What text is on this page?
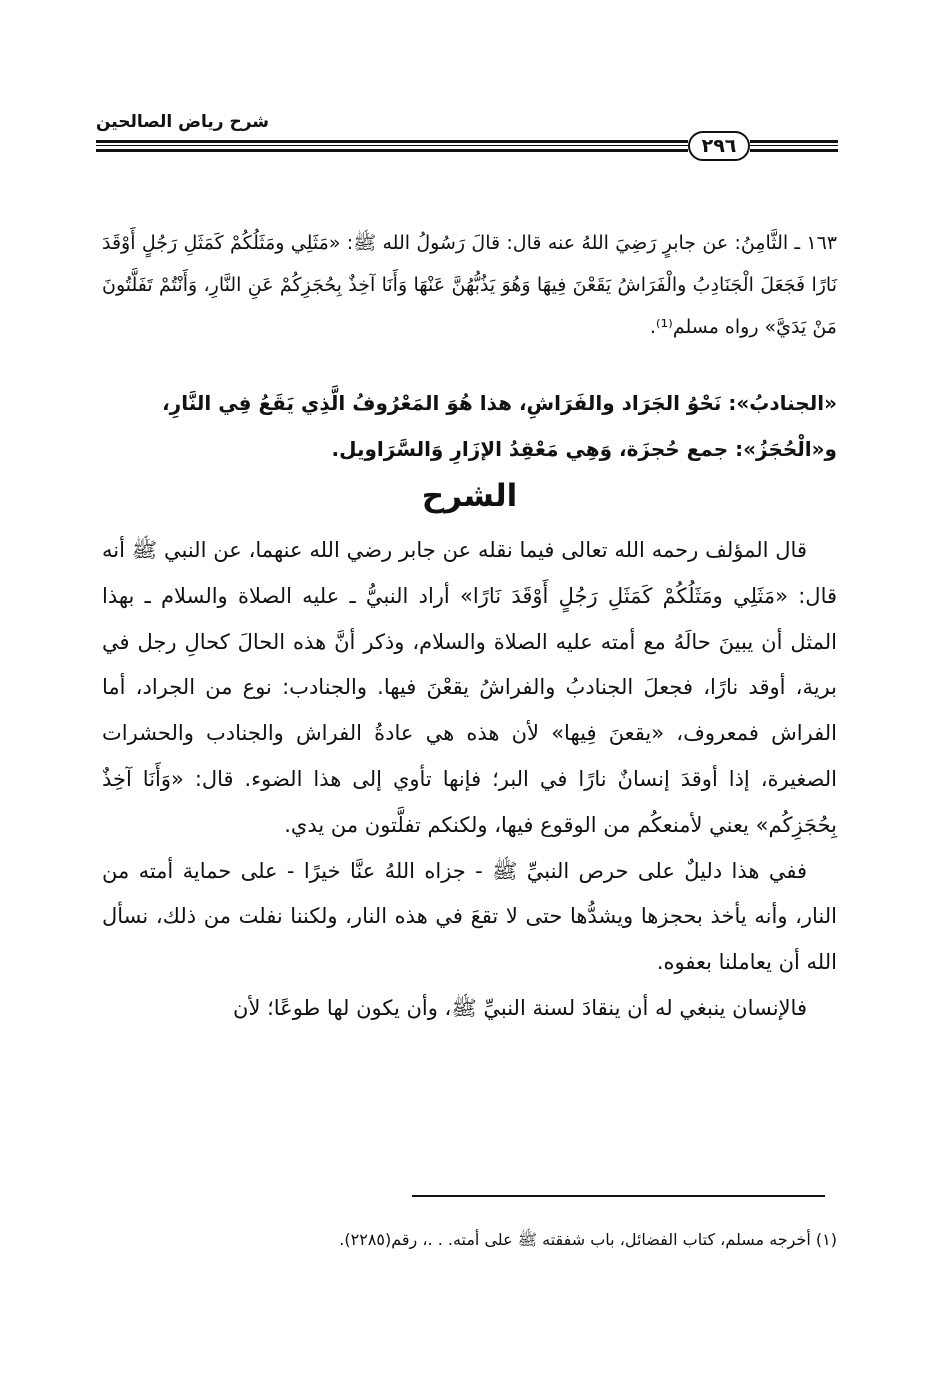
شرح رياض الصالحين
٢٩٦
١٦٣ ـ الثَّامِنُ: عن جابرٍ رَضِيَ اللهُ عنه قال: قالَ رَسُولُ الله ﷺ: «مَثَلِي ومَثَلُكُمْ كَمَثَلِ رَجُلٍ أَوْقَدَ نَارًا فَجَعَلَ الْجَنَادِبُ والْفَرَاشُ يَقَعْنَ فِيهَا وَهُوَ يَذُبُّهُنَّ عَنْهَا وَأَنَا آخِذٌ بِحُجَزِكُمْ عَنِ النَّارِ، وَأَنْتُمْ تَفَلَّتُونَ مَنْ يَدَيَّ» رواه مسلم⁽¹⁾.
«الجنادبُ»: نَحْوُ الجَرَاد والفَرَاشِ، هذا هُوَ المَعْرُوفُ الَّذِي يَقَعُ فِي النَّارِ،
و«الْحُجَزُ»: جمع حُجزَة، وَهِي مَعْقِدُ الإزَارِ وَالسَّرَاويل.
الشرح

قال المؤلف رحمه الله تعالى فيما نقله عن جابر رضي الله عنهما، عن النبي ﷺ أنه قال: «مَثَلِي ومَثَلُكُمْ كَمَثَلِ رَجُلٍ أَوْقَدَ نَارًا» أراد النبيُّ ـ عليه الصلاة والسلام ـ بهذا المثل أن يبينَ حالَهُ مع أمته عليه الصلاة والسلام، وذكر أنَّ هذه الحالَ كحالِ رجل في برية، أوقد نارًا، فجعلَ الجنادبُ والفراشُ يقعْنَ فيها. والجنادب: نوع من الجراد، أما الفراش فمعروف، «يقعنَ فِيها» لأن هذه هي عادةُ الفراش والجنادب والحشرات الصغيرة، إذا أوقدَ إنسانٌ نارًا في البر؛ فإنها تأوي إلى هذا الضوء. قال: «وَأَنَا آخِذٌ بِحُجَزِكُم» يعني لأمنعكُم من الوقوع فيها، ولكنكم تفلَّتون من يدي.

ففي هذا دليلٌ على حرص النبيِّ ﷺ - جزاه اللهُ عنَّا خيرًا - على حماية أمته من النار، وأنه يأخذ بحجزها ويشدُّها حتى لا تقعَ في هذه النار، ولكننا نفلت من ذلك، نسأل الله أن يعاملنا بعفوه.

فالإنسان ينبغي له أن ينقادَ لسنة النبيِّ ﷺ، وأن يكون لها طوعًا؛ لأن

(١) أخرجه مسلم، كتاب الفضائل، باب شفقته ﷺ على أمته. . .، رقم(٢٢٨٥).
